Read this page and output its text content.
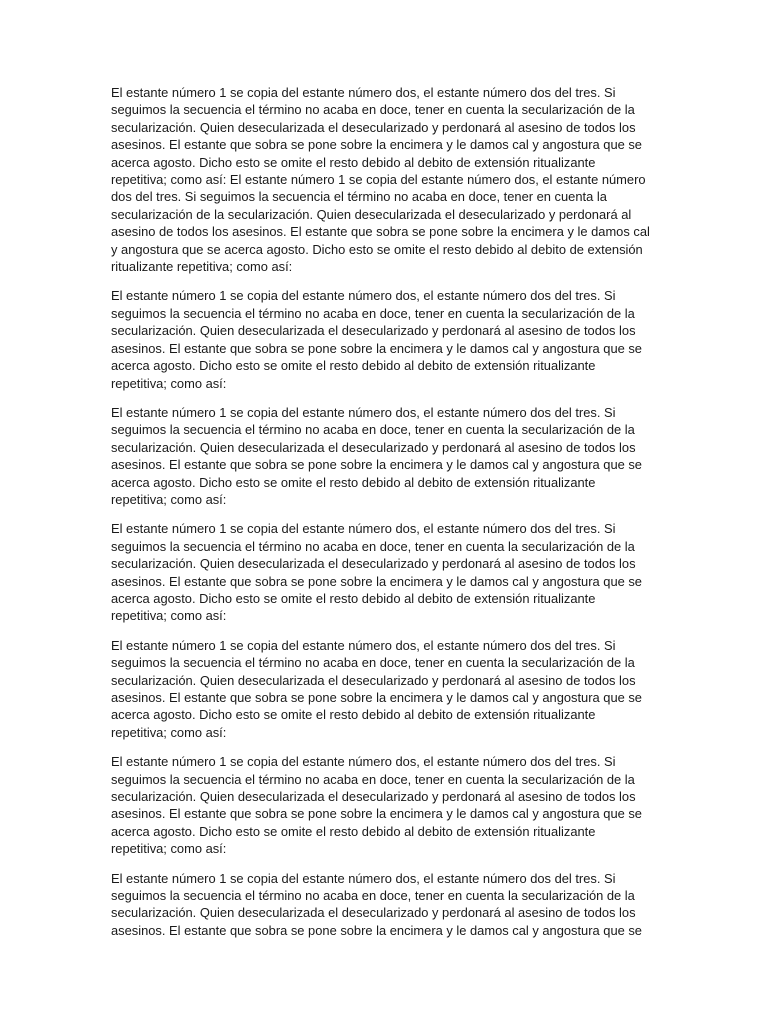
El estante número 1 se copia del estante número dos, el estante número dos del tres. Si seguimos la secuencia el término no acaba en doce, tener en cuenta la secularización de la secularización. Quien desecularizada el desecularizado y perdonará al asesino de todos los asesinos. El estante que sobra se pone sobre la encimera y le damos cal y angostura que se acerca agosto. Dicho esto se omite el resto debido al debito de extensión ritualizante repetitiva; como así: El estante número 1 se copia del estante número dos, el estante número dos del tres. Si seguimos la secuencia el término no acaba en doce, tener en cuenta la secularización de la secularización. Quien desecularizada el desecularizado y perdonará al asesino de todos los asesinos. El estante que sobra se pone sobre la encimera y le damos cal y angostura que se acerca agosto. Dicho esto se omite el resto debido al debito de extensión ritualizante repetitiva; como así:

El estante número 1 se copia del estante número dos, el estante número dos del tres. Si seguimos la secuencia el término no acaba en doce, tener en cuenta la secularización de la secularización. Quien desecularizada el desecularizado y perdonará al asesino de todos los asesinos. El estante que sobra se pone sobre la encimera y le damos cal y angostura que se acerca agosto. Dicho esto se omite el resto debido al debito de extensión ritualizante repetitiva; como así:

El estante número 1 se copia del estante número dos, el estante número dos del tres. Si seguimos la secuencia el término no acaba en doce, tener en cuenta la secularización de la secularización. Quien desecularizada el desecularizado y perdonará al asesino de todos los asesinos. El estante que sobra se pone sobre la encimera y le damos cal y angostura que se acerca agosto. Dicho esto se omite el resto debido al debito de extensión ritualizante repetitiva; como así:

El estante número 1 se copia del estante número dos, el estante número dos del tres. Si seguimos la secuencia el término no acaba en doce, tener en cuenta la secularización de la secularización. Quien desecularizada el desecularizado y perdonará al asesino de todos los asesinos. El estante que sobra se pone sobre la encimera y le damos cal y angostura que se acerca agosto. Dicho esto se omite el resto debido al debito de extensión ritualizante repetitiva; como así:

El estante número 1 se copia del estante número dos, el estante número dos del tres. Si seguimos la secuencia el término no acaba en doce, tener en cuenta la secularización de la secularización. Quien desecularizada el desecularizado y perdonará al asesino de todos los asesinos. El estante que sobra se pone sobre la encimera y le damos cal y angostura que se acerca agosto. Dicho esto se omite el resto debido al debito de extensión ritualizante repetitiva; como así:

El estante número 1 se copia del estante número dos, el estante número dos del tres. Si seguimos la secuencia el término no acaba en doce, tener en cuenta la secularización de la secularización. Quien desecularizada el desecularizado y perdonará al asesino de todos los asesinos. El estante que sobra se pone sobre la encimera y le damos cal y angostura que se acerca agosto. Dicho esto se omite el resto debido al debito de extensión ritualizante repetitiva; como así:

El estante número 1 se copia del estante número dos, el estante número dos del tres. Si seguimos la secuencia el término no acaba en doce, tener en cuenta la secularización de la secularización. Quien desecularizada el desecularizado y perdonará al asesino de todos los asesinos. El estante que sobra se pone sobre la encimera y le damos cal y angostura que se
